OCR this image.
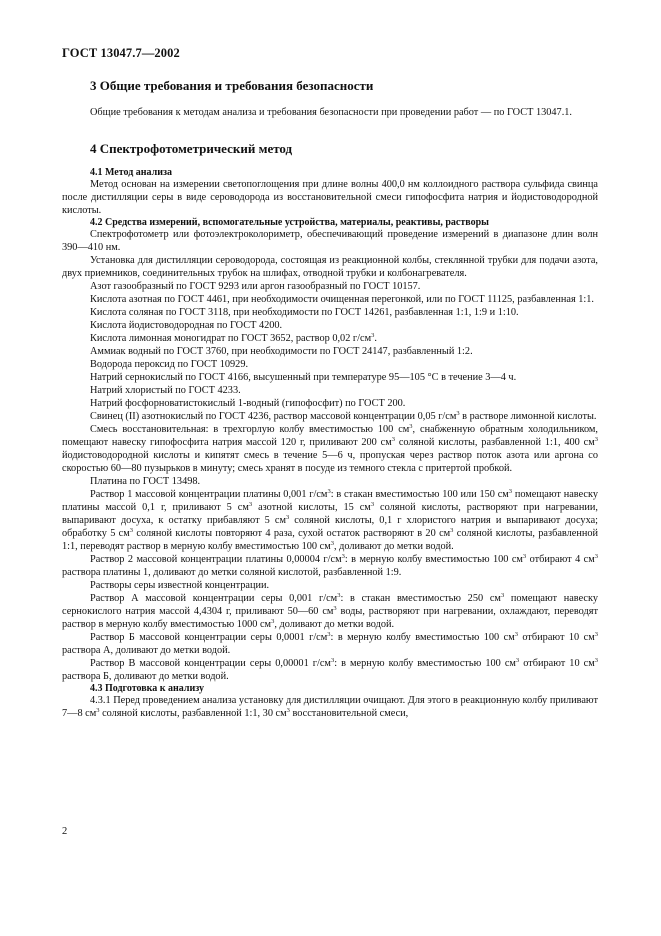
ГОСТ 13047.7—2002

3 Общие требования и требования безопасности

Общие требования к методам анализа и требования безопасности при проведении работ — по ГОСТ 13047.1.

4 Спектрофотометрический метод

4.1 Метод анализа

Метод основан на измерении светопоглощения при длине волны 400,0 нм коллоидного раствора сульфида свинца после дистилляции серы в виде сероводорода из восстановительной смеси гипофосфита натрия и йодистоводородной кислоты.

4.2 Средства измерений, вспомогательные устройства, материалы, реактивы, растворы

Спектрофотометр или фотоэлектроколориметр, обеспечивающий проведение измерений в диапазоне длин волн 390—410 нм.

Установка для дистилляции сероводорода, состоящая из реакционной колбы, стеклянной трубки для подачи азота, двух приемников, соединительных трубок на шлифах, отводной трубки и колбонагревателя.

Азот газообразный по ГОСТ 9293 или аргон газообразный по ГОСТ 10157.

Кислота азотная по ГОСТ 4461, при необходимости очищенная перегонкой, или по ГОСТ 11125, разбавленная 1:1.

Кислота соляная по ГОСТ 3118, при необходимости по ГОСТ 14261, разбавленная 1:1, 1:9 и 1:10.

Кислота йодистоводородная по ГОСТ 4200.

Кислота лимонная моногидрат по ГОСТ 3652, раствор 0,02 $г/см^3$.

Аммиак водный по ГОСТ 3760, при необходимости по ГОСТ 24147, разбавленный 1:2.

Водорода пероксид по ГОСТ 10929.

Натрий сернокислый по ГОСТ 4166, высушенный при температуре 95—105 °С в течение 3—4 ч.

Натрий хлористый по ГОСТ 4233.

Натрий фосфорноватистокислый 1-водный (гипофосфит) по ГОСТ 200.

Свинец (II) азотнокислый по ГОСТ 4236, раствор массовой концентрации 0,05 $г/см^3$ в растворе лимонной кислоты.

Смесь восстановительная: в трехгорлую колбу вместимостью 100 $см^3$, снабженную обратным холодильником, помещают навеску гипофосфита натрия массой 120 г, приливают 200 $см^3$ соляной кислоты, разбавленной 1:1, 400 $см^3$ йодистоводородной кислоты и кипятят смесь в течение 5—6 ч, пропуская через раствор поток азота или аргона со скоростью 60—80 пузырьков в минуту; смесь хранят в посуде из темного стекла с притертой пробкой.

Платина по ГОСТ 13498.

Раствор 1 массовой концентрации платины 0,001 $г/см^3$: в стакан вместимостью 100 или 150 $см^3$ помещают навеску платины массой 0,1 г, приливают 5 $см^3$ азотной кислоты, 15 $см^3$ соляной кислоты, растворяют при нагревании, выпаривают досуха, к остатку прибавляют 5 $см^3$ соляной кислоты, 0,1 г хлористого натрия и выпаривают досуха; обработку 5 $см^3$ соляной кислоты повторяют 4 раза, сухой остаток растворяют в 20 $см^3$ соляной кислоты, разбавленной 1:1, переводят раствор в мерную колбу вместимостью 100 $см^3$, доливают до метки водой.

Раствор 2 массовой концентрации платины 0,00004 $г/см^3$: в мерную колбу вместимостью 100 $см^3$ отбирают 4 $см^3$ раствора платины 1, доливают до метки соляной кислотой, разбавленной 1:9.

Растворы серы известной концентрации.

Раствор А массовой концентрации серы 0,001 $г/см^3$: в стакан вместимостью 250 $см^3$ помещают навеску сернокислого натрия массой 4,4304 г, приливают 50—60 $см^3$ воды, растворяют при нагревании, охлаждают, переводят раствор в мерную колбу вместимостью 1000 $см^3$, доливают до метки водой.

Раствор Б массовой концентрации серы 0,0001 $г/см^3$: в мерную колбу вместимостью 100 $см^3$ отбирают 10 $см^3$ раствора А, доливают до метки водой.

Раствор В массовой концентрации серы 0,00001 $г/см^3$: в мерную колбу вместимостью 100 $см^3$ отбирают 10 $см^3$ раствора Б, доливают до метки водой.

4.3 Подготовка к анализу

4.3.1 Перед проведением анализа установку для дистилляции очищают. Для этого в реакционную колбу приливают 7—8 $см^3$ соляной кислоты, разбавленной 1:1, 30 $см^3$ восстановительной смеси,

2
